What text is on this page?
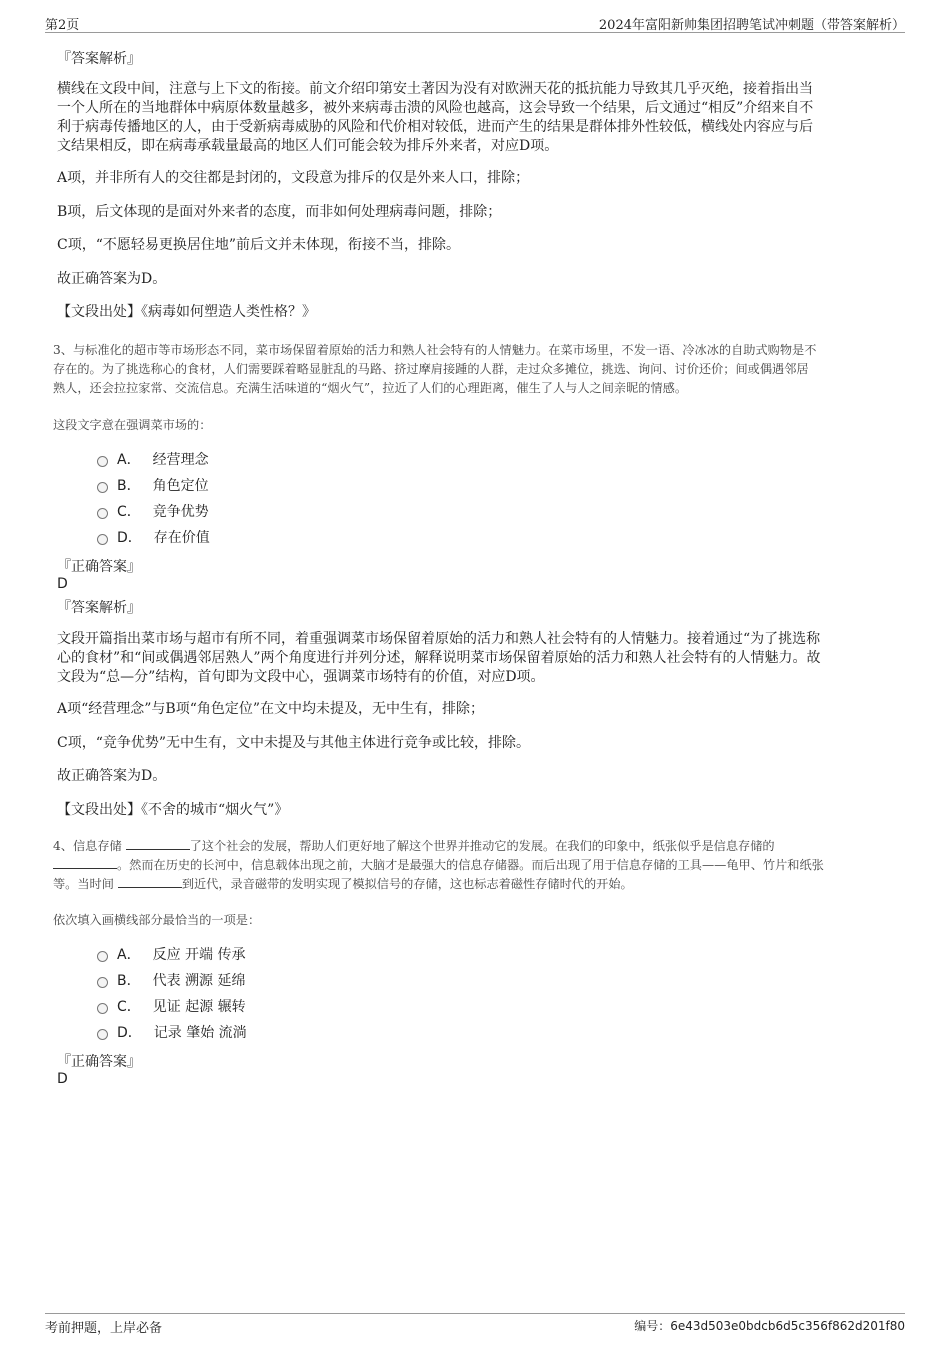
第2页	2024年富阳新帅集团招聘笔试冲刺题（带答案解析）
『答案解析』
横线在文段中间，注意与上下文的衔接。前文介绍印第安土著因为没有对欧洲天花的抵抗能力导致其几乎灭绝，接着指出当
一个人所在的当地群体中病原体数量越多，被外来病毒击溃的风险也越高，这会导致一个结果，后文通过“相反”介绍来自不
利于病毒传播地区的人，由于受新病毒威胁的风险和代价相对较低，进而产生的结果是群体排外性较低，横线处内容应与后
文结果相反，即在病毒承载量最高的地区人们可能会较为排斥外来者，对应D项。
A项，并非所有人的交往都是封闭的，文段意为排斥的仅是外来人口，排除；
B项，后文体现的是面对外来者的态度，而非如何处理病毒问题，排除；
C项，“不愿轻易更换居住地”前后文并未体现，衔接不当，排除。
故正确答案为D。
【文段出处】《病毒如何塑造人类性格？》
3、与标准化的超市等市场形态不同，菜市场保留着原始的活力和熟人社会特有的人情魅力。在菜市场里，不发一语、冷冰冰的自助式购物是不
存在的。为了挑选称心的食材，人们需要踩着略显脏乱的马路、挤过摩肩接踵的人群，走过众多摊位，挑选、询问、讨价还价；间或偶遇邻居
熟人，还会拉拉家常、交流信息。充满生活味道的“烟火气”，拉近了人们的心理距离，催生了人与人之间亲昵的情感。
这段文字意在强调菜市场的：
A． 经营理念
B． 角色定位
C． 竞争优势
D． 存在价值
『正确答案』
D
『答案解析』
文段开篇指出菜市场与超市有所不同，着重强调菜市场保留着原始的活力和熟人社会特有的人情魅力。接着通过“为了挑选称
心的食材”和“间或偶遇邻居熟人”两个角度进行并列分述，解释说明菜市场保留着原始的活力和熟人社会特有的人情魅力。故
文段为“总—分”结构，首句即为文段中心，强调菜市场特有的价值，对应D项。
A项“经营理念”与B项“角色定位”在文中均未提及，无中生有，排除；
C项，“竞争优势”无中生有，文中未提及与其他主体进行竞争或比较，排除。
故正确答案为D。
【文段出处】《不舍的城市“烟火气”》
4、信息存储	了这个社会的发展，帮助人们更好地了解这个世界并推动它的发展。在我们的印象中，纸张似乎是信息存储的
。然而在历史的长河中，信息载体出现之前，大脑才是最强大的信息存储器。而后出现了用于信息存储的工具——龟甲、竹片和纸张
等。当时间	到近代，录音磁带的发明实现了模拟信号的存储，这也标志着磁性存储时代的开始。
依次填入画横线部分最恰当的一项是：
A． 反应 开端 传承
B． 代表 溯源 延绵
C． 见证 起源 辗转
D． 记录 肇始 流淌
『正确答案』
D
考前押题，上岸必备	编号：6e43d503e0bdcb6d5c356f862d201f80
